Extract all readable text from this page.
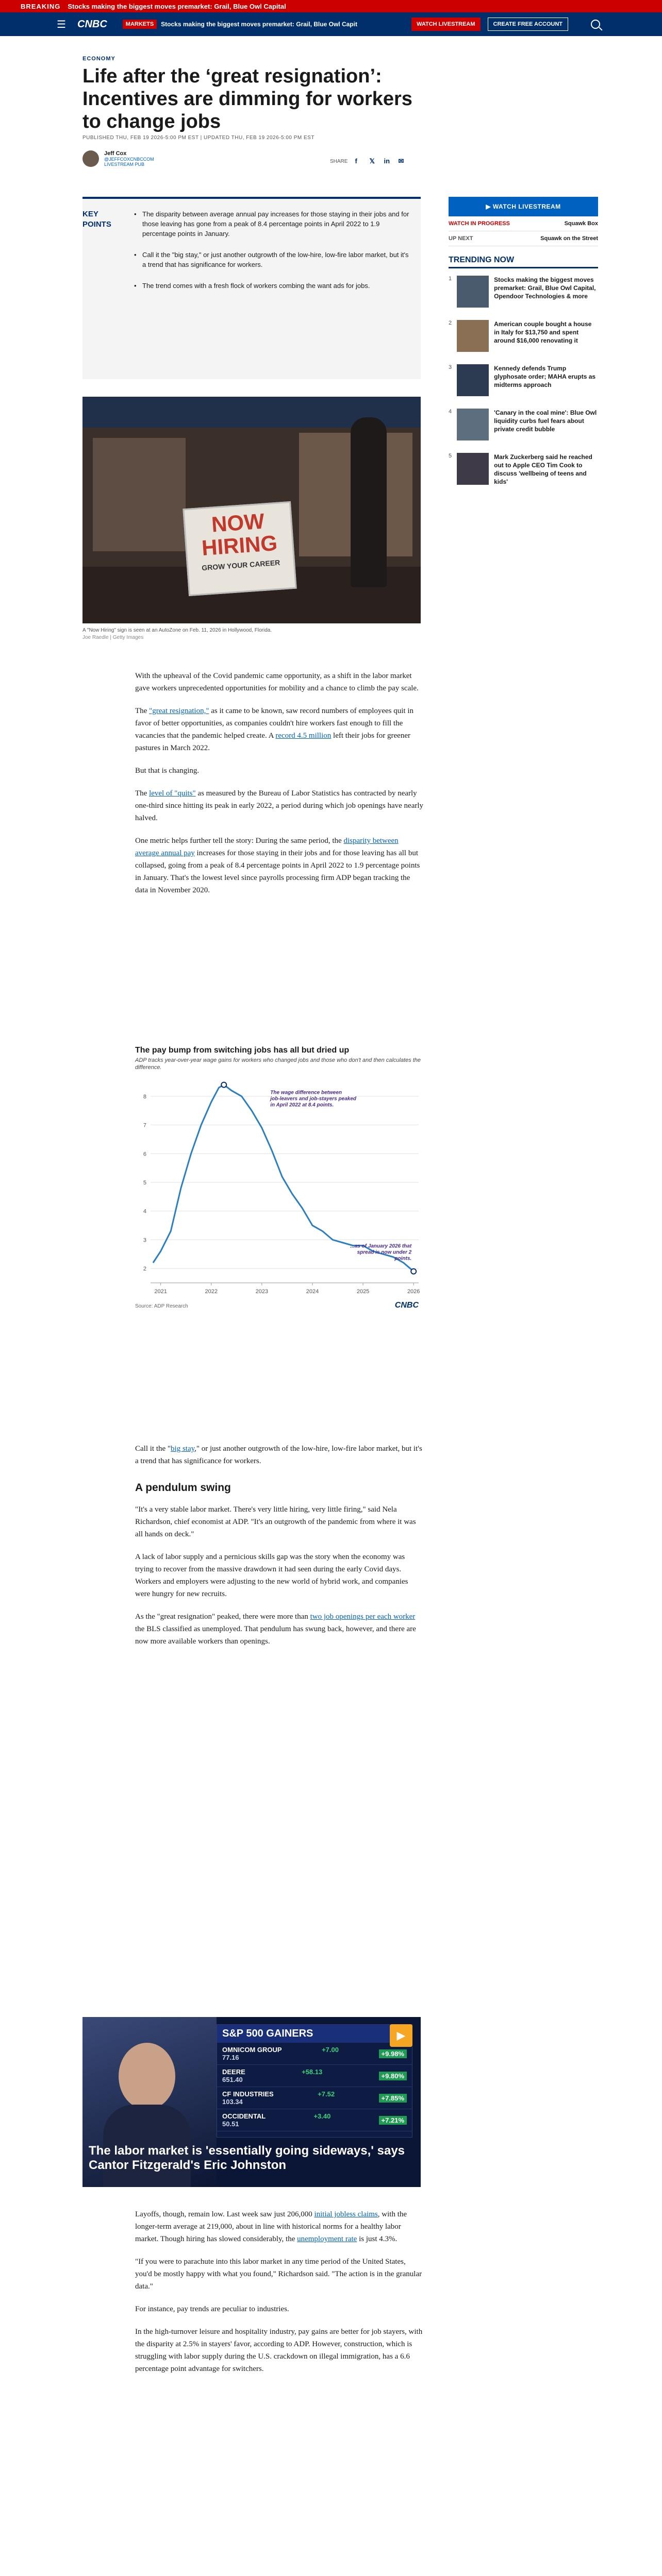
BREAKING	Stocks making the biggest moves premarket: Grail, Blue Owl Capital
☰	CNBC	MARKETS	Stocks making the biggest moves premarket: Grail, Blue Owl Capit	WATCH LIVESTREAM	CREATE FREE ACCOUNT
ECONOMY
Life after the ‘great resignation’: Incentives are dimming for workers to change jobs
PUBLISHED THU, FEB 19 2026-5:00 PM EST | UPDATED THU, FEB 19 2026-5:00 PM EST
Jeff Cox
@JEFFCOXCNBCCOM
LIVESTREAM PUB
SHARE f	𝕏 in ✉
KEY POINTS
• The disparity between average annual pay increases for those staying in their jobs and for those leaving has gone from a peak of 8.4 percentage points in April 2022 to 1.9 percentage points in January.
• Call it the "big stay," or just another outgrowth of the low-hire, low-fire labor market, but it's a trend that has significance for workers.
• The trend comes with a fresh flock of workers combing the want ads for jobs.
▶ WATCH LIVESTREAM
WATCH IN PROGRESS	Squawk Box
UP NEXT	Squawk on the Street
TRENDING NOW
1	Stocks making the biggest moves premarket: Grail, Blue Owl Capital, Opendoor Technologies & more
2	American couple bought a house in Italy for $13,750 and spent around $16,000 renovating it
3	Kennedy defends Trump glyphosate order; MAHA erupts as midterms approach
4	'Canary in the coal mine': Blue Owl liquidity curbs fuel fears about private credit bubble
5	Mark Zuckerberg said he reached out to Apple CEO Tim Cook to discuss 'wellbeing of teens and kids'
NOW
HIRING
GROW YOUR CAREER
A "Now Hiring" sign is seen at an AutoZone on Feb. 11, 2026 in Hollywood, Florida.
Joe Raedle | Getty Images

With the upheaval of the Covid pandemic came opportunity, as a shift in the labor market gave workers unprecedented opportunities for mobility and a chance to climb the pay scale.

The "great resignation," as it came to be known, saw record numbers of employees quit in favor of better opportunities, as companies couldn't hire workers fast enough to fill the vacancies that the pandemic helped create. A record 4.5 million left their jobs for greener pastures in March 2022.

But that is changing.

The level of "quits" as measured by the Bureau of Labor Statistics has contracted by nearly one-third since hitting its peak in early 2022, a period during which job openings have nearly halved.

One metric helps further tell the story: During the same period, the disparity between average annual pay increases for those staying in their jobs and for those leaving has all but collapsed, going from a peak of 8.4 percentage points in April 2022 to 1.9 percentage points in January. That's the lowest level since payrolls processing firm ADP began tracking the data in November 2020.

The pay bump from switching jobs has all but dried up
ADP tracks year-over-year wage gains for workers who changed jobs and those who don't and then calculates the difference.
2
3
4
5
6
7
8
2021	2022	2023	2024	2025	2026
The wage difference between job-leavers and job-stayers peaked in April 2022 at 8.4 points.
...as of January 2026 that spread is now under 2 points.
Source: ADP Research	CNBC

Call it the "big stay," or just another outgrowth of the low-hire, low-fire labor market, but it's a trend that has significance for workers.

A pendulum swing

"It's a very stable labor market. There's very little hiring, very little firing," said Nela Richardson, chief economist at ADP. "It's an outgrowth of the pandemic from where it was all hands on deck."

A lack of labor supply and a pernicious skills gap was the story when the economy was trying to recover from the massive drawdown it had seen during the early Covid days. Workers and employers were adjusting to the new world of hybrid work, and companies were hungry for new recruits.

As the "great resignation" peaked, there were more than two job openings per each worker the BLS classified as unemployed. That pendulum has swung back, however, and there are now more available workers than openings.

S&P 500 GAINERS
OMNICOM GROUP
77.16
+7.00	+9.98%
DEERE
651.40
+58.13	+9.80%
CF INDUSTRIES
103.34
+7.52	+7.85%
OCCIDENTAL
50.51
+3.40	+7.21%
▶
The labor market is 'essentially going sideways,' says Cantor Fitzgerald's Eric Johnston

Layoffs, though, remain low. Last week saw just 206,000 initial jobless claims, with the longer-term average at 219,000, about in line with historical norms for a healthy labor market. Though hiring has slowed considerably, the unemployment rate is just 4.3%.

"If you were to parachute into this labor market in any time period of the United States, you'd be mostly happy with what you found," Richardson said. "The action is in the granular data."

For instance, pay trends are peculiar to industries.

In the high-turnover leisure and hospitality industry, pay gains are better for job stayers, with the disparity at 2.5% in stayers' favor, according to ADP. However, construction, which is struggling with labor supply during the U.S. crackdown on illegal immigration, has a 6.6 percentage point advantage for switchers.
